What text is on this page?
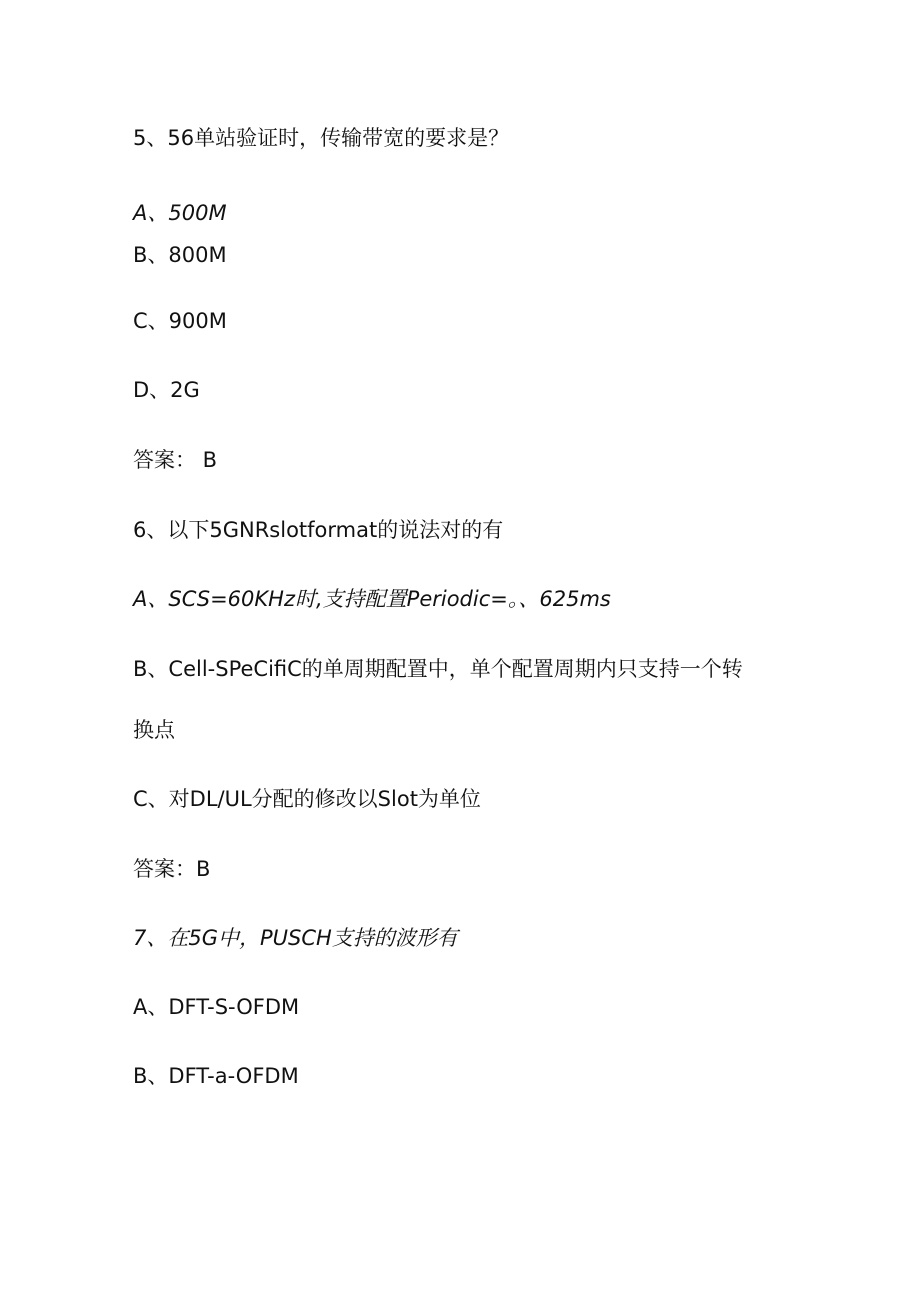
5、56单站验证时，传输带宽的要求是？
A、500M
B、800M
C、900M
D、2G
答案： B
6、以下5GNRslotformat的说法对的有
A、SCS=60KHz时,支持配置Periodic=。、625ms
B、Cell-SPeCifiC的单周期配置中，单个配置周期内只支持一个转
换点
C、对DL/UL分配的修改以Slot为单位
答案：B
7、在5G中，PUSCH支持的波形有
A、DFT-S-OFDM
B、DFT-a-OFDM
